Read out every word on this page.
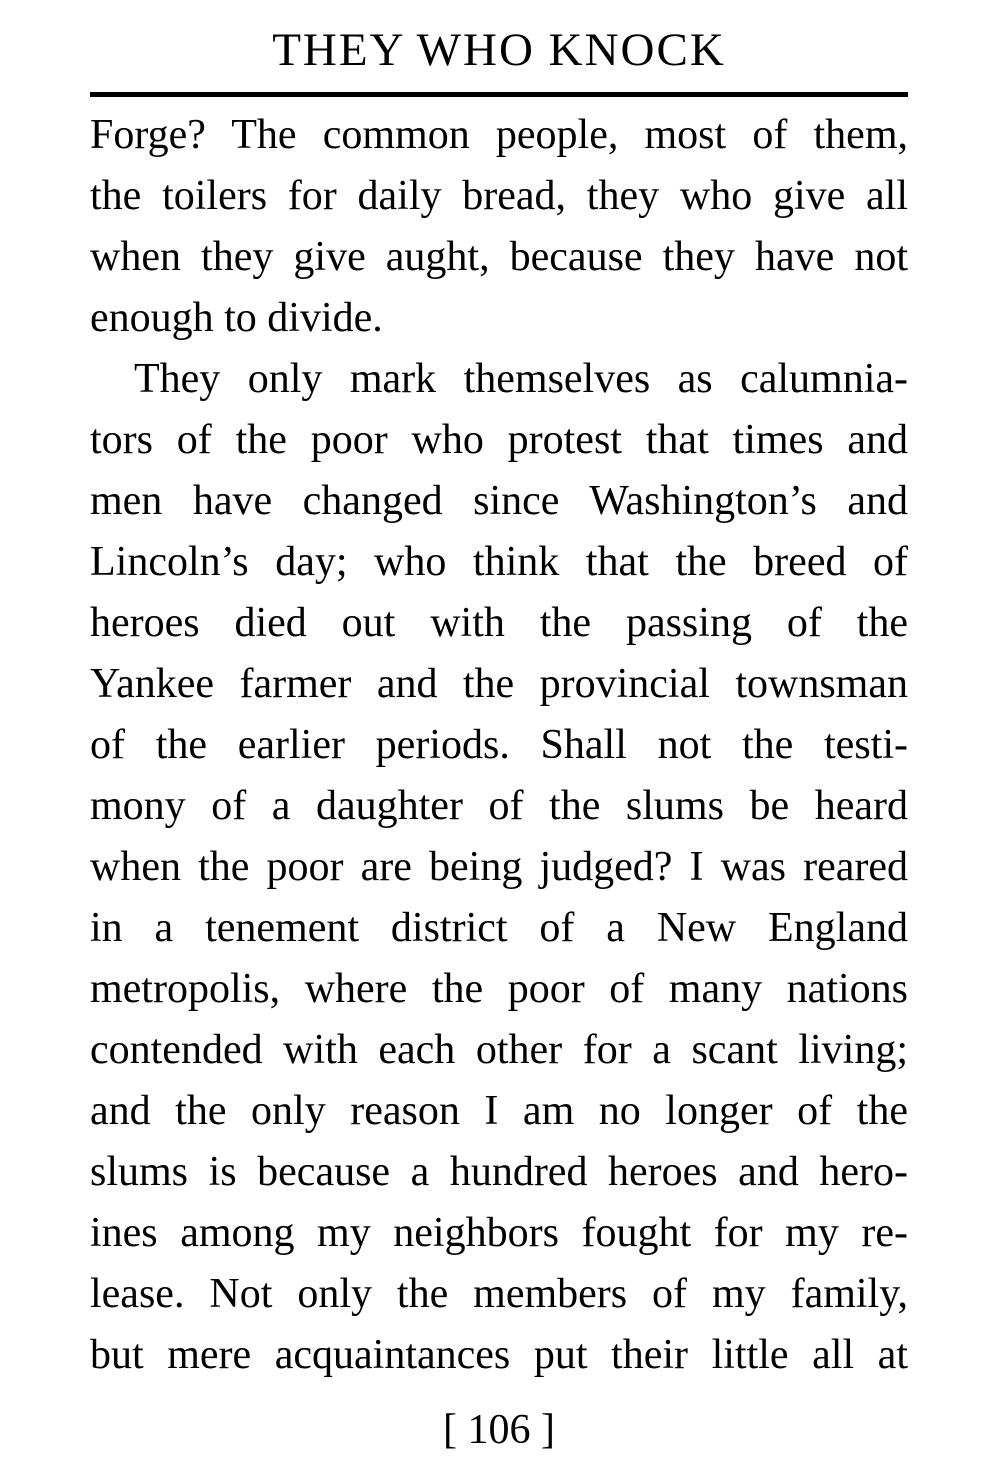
THEY WHO KNOCK
Forge? The common people, most of them,
the toilers for daily bread, they who give all
when they give aught, because they have not
enough to divide.
They only mark themselves as calumnia-
tors of the poor who protest that times and
men have changed since Washington’s and
Lincoln’s day; who think that the breed of
heroes died out with the passing of the
Yankee farmer and the provincial townsman
of the earlier periods. Shall not the testi-
mony of a daughter of the slums be heard
when the poor are being judged? I was reared
in a tenement district of a New England
metropolis, where the poor of many nations
contended with each other for a scant living;
and the only reason I am no longer of the
slums is because a hundred heroes and hero-
ines among my neighbors fought for my re-
lease. Not only the members of my family,
but mere acquaintances put their little all at
[ 106 ]
